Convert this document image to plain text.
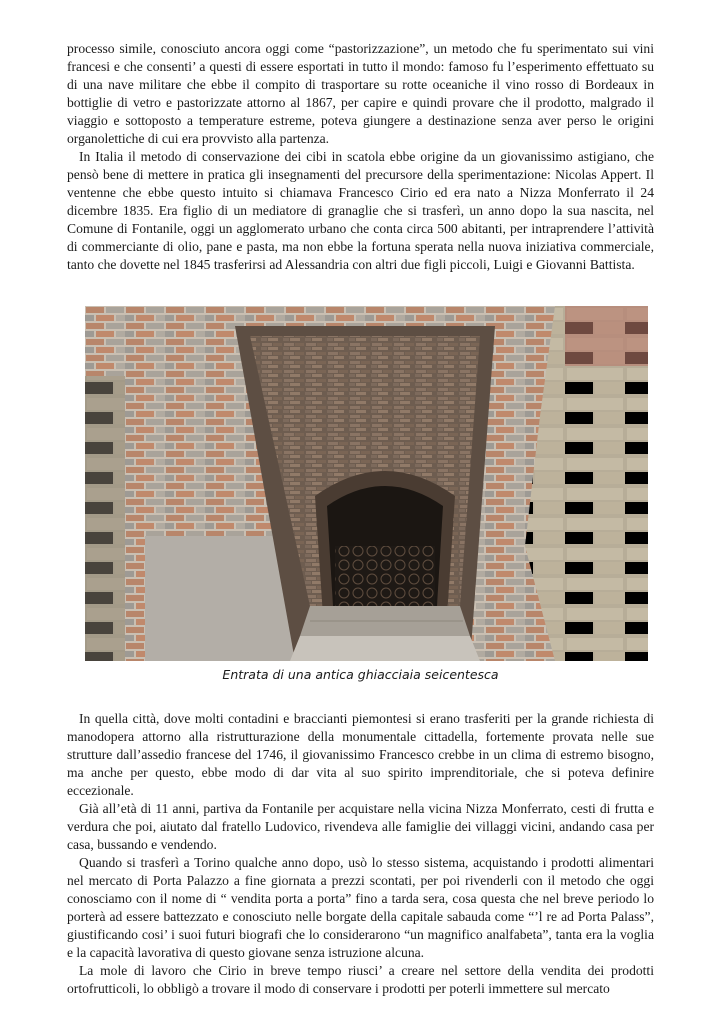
processo simile, conosciuto ancora oggi come “pastorizzazione”, un metodo che fu sperimentato sui vini francesi e che consenti’ a questi di essere esportati in tutto il mondo: famoso fu l’esperimento effettuato su di una nave militare che ebbe il compito di trasportare su rotte oceaniche il vino rosso di Bordeaux in bottiglie di vetro e pastorizzate attorno al 1867, per capire e quindi provare che il prodotto, malgrado il viaggio e sottoposto a temperature estreme, poteva giungere a destinazione senza aver perso le origini organolettiche di cui era provvisto alla partenza.

In Italia il metodo di conservazione dei cibi in scatola ebbe origine da un giovanissimo astigiano, che pensò bene di mettere in pratica gli insegnamenti del precursore della sperimentazione: Nicolas Appert. Il ventenne che ebbe questo intuito si chiamava Francesco Cirio ed era nato a Nizza Monferrato il 24 dicembre 1835. Era figlio di un mediatore di granaglie che si trasferì, un anno dopo la sua nascita, nel Comune di Fontanile, oggi un agglomerato urbano che conta circa 500 abitanti, per intraprendere l’attività di commerciante di olio, pane e pasta, ma non ebbe la fortuna sperata nella nuova iniziativa commerciale, tanto che dovette nel 1845 trasferirsi ad Alessandria con altri due figli piccoli, Luigi e Giovanni Battista.

Entrata di una antica ghiacciaia seicentesca

In quella città, dove molti contadini e braccianti piemontesi si erano trasferiti per la grande richiesta di manodopera attorno alla ristrutturazione della monumentale cittadella, fortemente provata nelle sue strutture dall’assedio francese del 1746, il giovanissimo Francesco crebbe in un clima di estremo bisogno, ma anche per questo, ebbe modo di dar vita al suo spirito imprenditoriale, che si poteva definire eccezionale.

Già all’età di 11 anni, partiva da Fontanile per acquistare nella vicina Nizza Monferrato, cesti di frutta e verdura che poi, aiutato dal fratello Ludovico, rivendeva alle famiglie dei villaggi vicini, andando casa per casa, bussando e vendendo.

Quando si trasferì a Torino qualche anno dopo, usò lo stesso sistema, acquistando i prodotti alimentari nel mercato di Porta Palazzo a fine giornata a prezzi scontati, per poi rivenderli con il metodo che oggi conosciamo con il nome di “ vendita porta a porta” fino a tarda sera, cosa questa che nel breve periodo lo porterà ad essere battezzato e conosciuto nelle borgate della capitale sabauda come “’l re ad Porta Palass”, giustificando cosi’ i suoi futuri biografi che lo considerarono “un magnifico analfabeta”, tanta era la voglia e la capacità lavorativa di questo giovane senza istruzione alcuna.

La mole di lavoro che Cirio in breve tempo riusci’ a creare nel settore della vendita dei prodotti ortofrutticoli, lo obbligò a trovare il modo di conservare i prodotti per poterli immettere sul mercato
